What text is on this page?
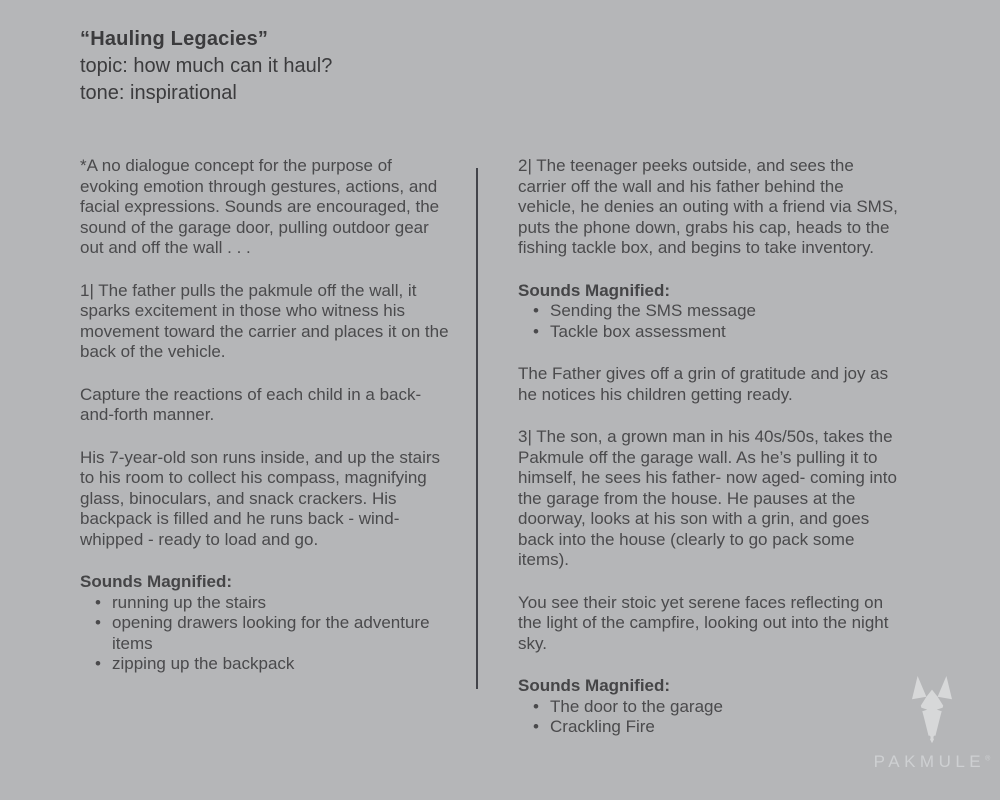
“Hauling Legacies”
topic: how much can it haul?
tone: inspirational

*A no dialogue concept for the purpose of evoking emotion through gestures, actions, and facial expressions. Sounds are encouraged, the sound of the garage door, pulling outdoor gear out and off the wall . . .

1| The father pulls the pakmule off the wall, it sparks excitement in those who witness his movement toward the carrier and places it on the back of the vehicle.

Capture the reactions of each child in a back-and-forth manner.

His 7-year-old son runs inside, and up the stairs to his room to collect his compass, magnifying glass, binoculars, and snack crackers. His backpack is filled and he runs back - wind-whipped - ready to load and go.

Sounds Magnified:

• running up the stairs
• opening drawers looking for the adventure items
• zipping up the backpack

2| The teenager peeks outside, and sees the carrier off the wall and his father behind the vehicle, he denies an outing with a friend via SMS, puts the phone down, grabs his cap, heads to the fishing tackle box, and begins to take inventory.

Sounds Magnified:

• Sending the SMS message
• Tackle box assessment

The Father gives off a grin of gratitude and joy as he notices his children getting ready.

3| The son, a grown man in his 40s/50s, takes the Pakmule off the garage wall. As he’s pulling it to himself, he sees his father- now aged- coming into the garage from the house. He pauses at the doorway, looks at his son with a grin, and goes back into the house (clearly to go pack some items).

You see their stoic yet serene faces reflecting on the light of the campfire, looking out into the night sky.

Sounds Magnified:

• The door to the garage
• Crackling Fire
PAKMULE®
